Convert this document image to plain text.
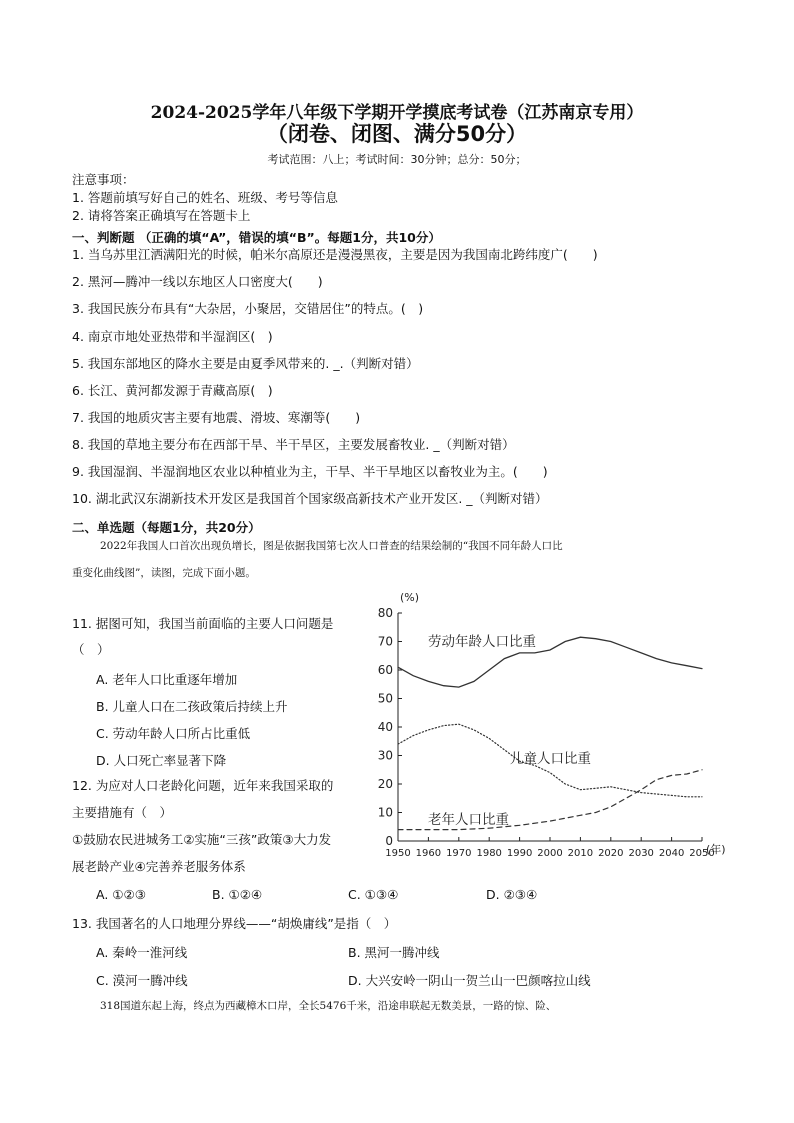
2024-2025学年八年级下学期开学摸底考试卷（江苏南京专用）
（闭卷、闭图、满分50分）
考试范围：八上；考试时间：30分钟；总分：50分；
注意事项：
1. 答题前填写好自己的姓名、班级、考号等信息
2. 请将答案正确填写在答题卡上
一、判断题 （正确的填“A”，错误的填“B”。每题1分，共10分）
1. 当乌苏里江洒满阳光的时候，帕米尔高原还是漫漫黑夜，主要是因为我国南北跨纬度广(　　)
2. 黑河—腾冲一线以东地区人口密度大(　　)
3. 我国民族分布具有“大杂居，小聚居，交错居住”的特点。(　)
4. 南京市地处亚热带和半湿润区(　)
5. 我国东部地区的降水主要是由夏季风带来的. _.（判断对错）
6. 长江、黄河都发源于青藏高原(　)
7. 我国的地质灾害主要有地震、滑坡、寒潮等(　　)
8. 我国的草地主要分布在西部干旱、半干旱区，主要发展畜牧业. _（判断对错）
9. 我国湿润、半湿润地区农业以种植业为主，干旱、半干旱地区以畜牧业为主。(　　)
10. 湖北武汉东湖新技术开发区是我国首个国家级高新技术产业开发区. _（判断对错）
二、单选题（每题1分，共20分）
2022年我国人口首次出现负增长，图是依据我国第七次人口普查的结果绘制的“我国不同年龄人口比
重变化曲线图”，读图，完成下面小题。
11. 据图可知，我国当前面临的主要人口问题是
（　）
A. 老年人口比重逐年增加
B. 儿童人口在二孩政策后持续上升
C. 劳动年龄人口所占比重低
D. 人口死亡率显著下降
12. 为应对人口老龄化问题，近年来我国采取的
主要措施有（　）
①鼓励农民进城务工②实施“三孩”政策③大力发
展老龄产业④完善养老服务体系
A. ①②③	B. ①②④	C. ①③④	D. ②③④
13. 我国著名的人口地理分界线——“胡焕庸线”是指（　）
A. 秦岭一淮河线	B. 黑河一腾冲线
C. 漠河一腾冲线	D. 大兴安岭一阴山一贺兰山一巴颜喀拉山线
318国道东起上海，终点为西藏樟木口岸，全长5476千米，沿途串联起无数美景，一路的惊、险、
0
10
20
30
40
50
60
70
80
1950 1960 1970 1980 1990 2000 2010 2020 2030 2040 2050
(%)
(年)
劳动年龄人口比重
儿童人口比重
老年人口比重
